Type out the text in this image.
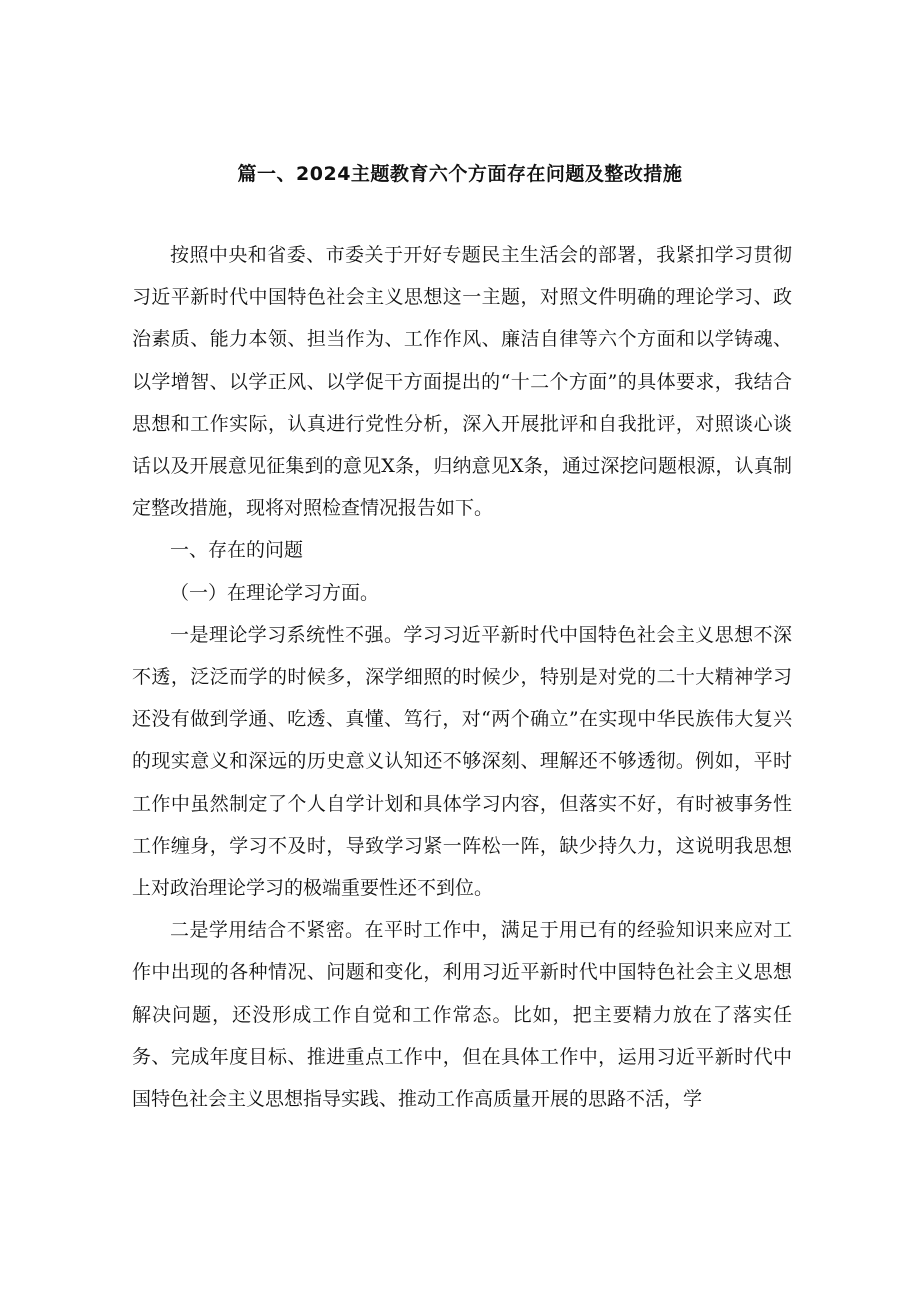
篇一、2024主题教育六个方面存在问题及整改措施

按照中央和省委、市委关于开好专题民主生活会的部署，我紧扣学习贯彻习近平新时代中国特色社会主义思想这一主题，对照文件明确的理论学习、政治素质、能力本领、担当作为、工作作风、廉洁自律等六个方面和以学铸魂、以学增智、以学正风、以学促干方面提出的“十二个方面”的具体要求，我结合思想和工作实际，认真进行党性分析，深入开展批评和自我批评，对照谈心谈话以及开展意见征集到的意见X条，归纳意见X条，通过深挖问题根源，认真制定整改措施，现将对照检查情况报告如下。

一、存在的问题

（一）在理论学习方面。

一是理论学习系统性不强。学习习近平新时代中国特色社会主义思想不深不透，泛泛而学的时候多，深学细照的时候少，特别是对党的二十大精神学习还没有做到学通、吃透、真懂、笃行，对“两个确立”在实现中华民族伟大复兴的现实意义和深远的历史意义认知还不够深刻、理解还不够透彻。例如，平时工作中虽然制定了个人自学计划和具体学习内容，但落实不好，有时被事务性工作缠身，学习不及时，导致学习紧一阵松一阵，缺少持久力，这说明我思想上对政治理论学习的极端重要性还不到位。

二是学用结合不紧密。在平时工作中，满足于用已有的经验知识来应对工作中出现的各种情况、问题和变化，利用习近平新时代中国特色社会主义思想解决问题，还没形成工作自觉和工作常态。比如，把主要精力放在了落实任务、完成年度目标、推进重点工作中，但在具体工作中，运用习近平新时代中国特色社会主义思想指导实践、推动工作高质量开展的思路不活，学
